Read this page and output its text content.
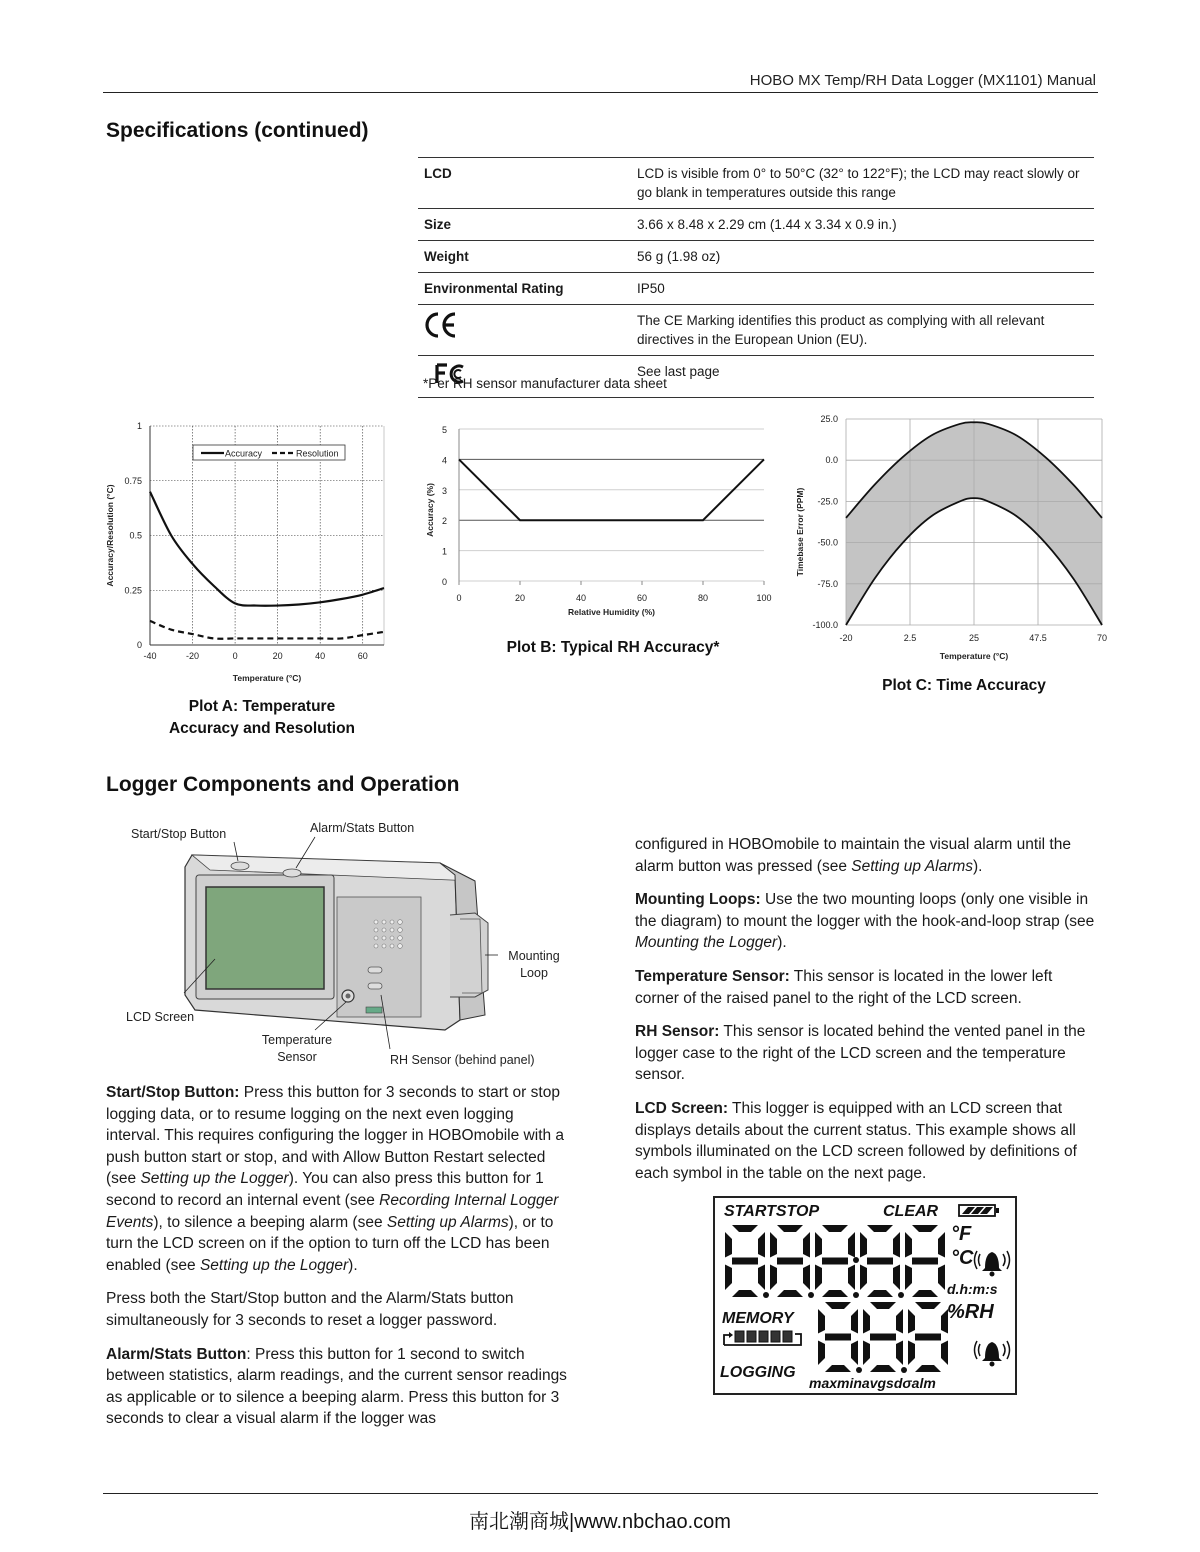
HOBO MX Temp/RH Data Logger (MX1101) Manual
Specifications (continued)
LCD	LCD is visible from 0° to 50°C (32° to 122°F); the LCD may react slowly or go blank in temperatures outside this range
Size	3.66 x 8.48 x 2.29 cm (1.44 x 3.34 x 0.9 in.)
Weight	56 g (1.98 oz)
Environmental Rating	IP50
	The CE Marking identifies this product as complying with all relevant directives in the European Union (EU).
	See last page
*Per RH sensor manufacturer data sheet
-40	-20	0	20	40	60
0
0.25
0.5
0.75
1
Accuracy	Resolution
Temperature (°C)
Accuracy/Resolution (°C)
Plot A: Temperature
Accuracy and Resolution
0
1
2
3
4
5
0	20	40	60	80	100
Relative Humidity (%)
Accuracy (%)
Plot B: Typical RH Accuracy*
25.0
0.0
-25.0
-50.0
-75.0
-100.0
-20	2.5	25	47.5	70
Temperature (°C)
Timebase Error (PPM)
Plot C: Time Accuracy
Logger Components and Operation
Start/Stop Button	Alarm/Stats Button
Mounting
Loop
LCD Screen
Temperature
Sensor	RH Sensor (behind panel)

Start/Stop Button: Press this button for 3 seconds to start or stop logging data, or to resume logging on the next even logging interval. This requires configuring the logger in HOBOmobile with a push button start or stop, and with Allow Button Restart selected (see Setting up the Logger). You can also press this button for 1 second to record an internal event (see Recording Internal Logger Events), to silence a beeping alarm (see Setting up Alarms), or to turn the LCD screen on if the option to turn off the LCD has been enabled (see Setting up the Logger).

Press both the Start/Stop button and the Alarm/Stats button simultaneously for 3 seconds to reset a logger password.

Alarm/Stats Button: Press this button for 1 second to switch between statistics, alarm readings, and the current sensor readings as applicable or to silence a beeping alarm. Press this button for 3 seconds to clear a visual alarm if the logger was

configured in HOBOmobile to maintain the visual alarm until the alarm button was pressed (see Setting up Alarms).

Mounting Loops: Use the two mounting loops (only one visible in the diagram) to mount the logger with the hook-and-loop strap (see Mounting the Logger).

Temperature Sensor: This sensor is located in the lower left corner of the raised panel to the right of the LCD screen.

RH Sensor: This sensor is located behind the vented panel in the logger case to the right of the LCD screen and the temperature sensor.

LCD Screen: This logger is equipped with an LCD screen that displays details about the current status. This example shows all symbols illuminated on the LCD screen followed by definitions of each symbol in the table on the next page.

STARTSTOP	CLEAR
°F
°C
d.h:m:s
%RH
MEMORY
LOGGING
maxminavgsdσalm
南北潮商城|www.nbchao.com
